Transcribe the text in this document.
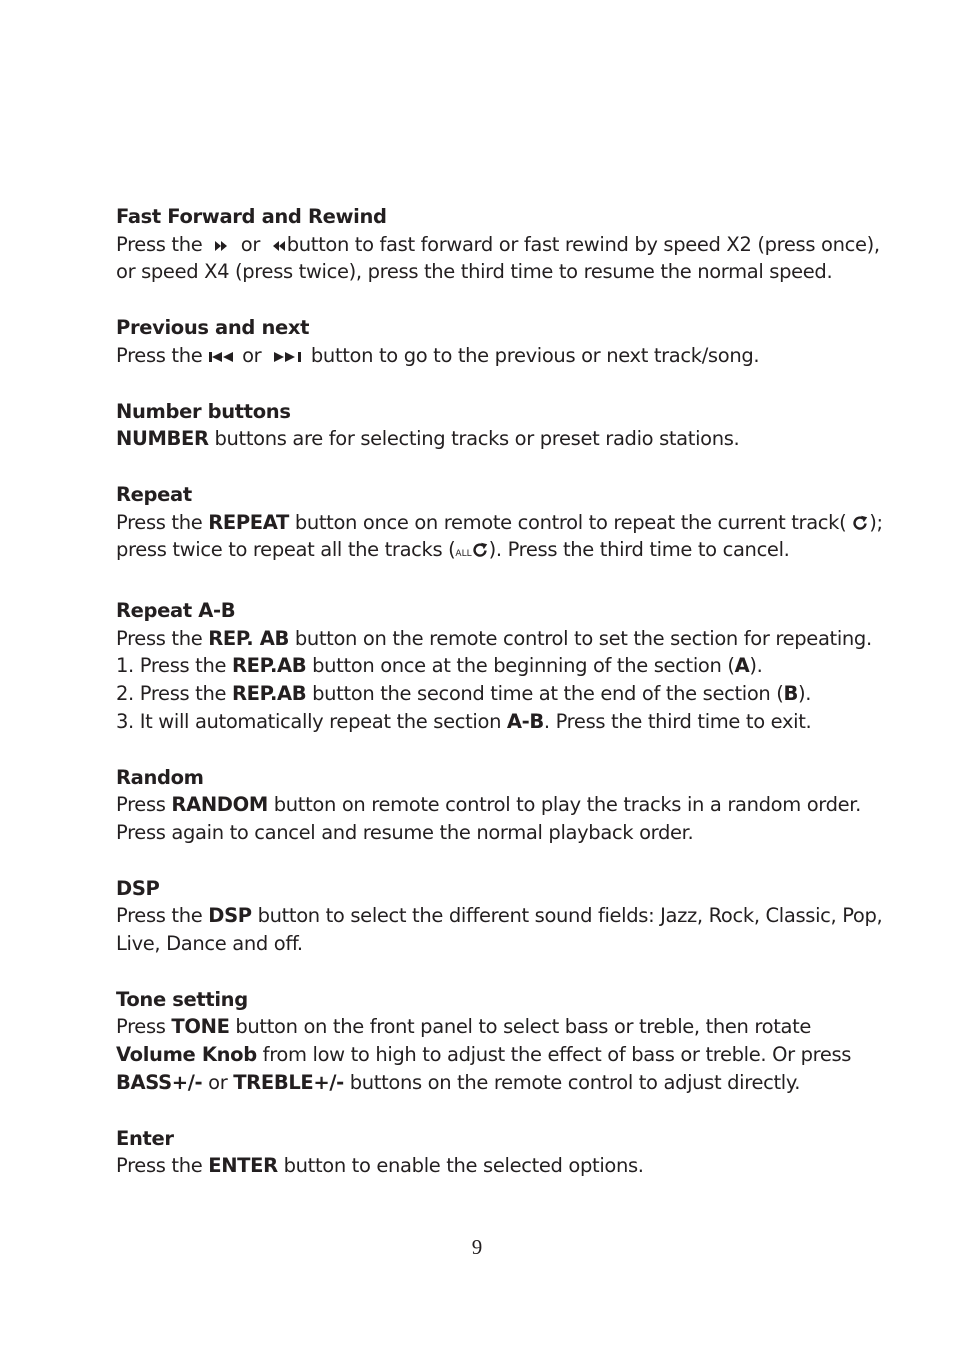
Fast Forward and Rewind

Press the or button to fast forward or fast rewind by speed X2 (press once),

or speed X4 (press twice), press the third time to resume the normal speed.

Previous and next

Press the or	button to go to the previous or next track/song.

Number buttons

NUMBER buttons are for selecting tracks or preset radio stations.

Repeat

Press the REPEAT button once on remote control to repeat the current track( );

press twice to repeat all the tracks (ALL ). Press the third time to cancel.

Repeat A-B

Press the REP. AB button on the remote control to set the section for repeating.

1. Press the REP.AB button once at the beginning of the section (A).

2. Press the REP.AB button the second time at the end of the section (B).

3. It will automatically repeat the section A-B. Press the third time to exit.

Random

Press RANDOM button on remote control to play the tracks in a random order.

Press again to cancel and resume the normal playback order.

DSP

Press the DSP button to select the different sound fields: Jazz, Rock, Classic, Pop,

Live, Dance and off.

Tone setting

Press TONE button on the front panel to select bass or treble, then rotate Volume Knob from low to high to adjust the effect of bass or treble. Or press BASS+/- or TREBLE+/- buttons on the remote control to adjust directly.

Enter

Press the ENTER button to enable the selected options.

9
